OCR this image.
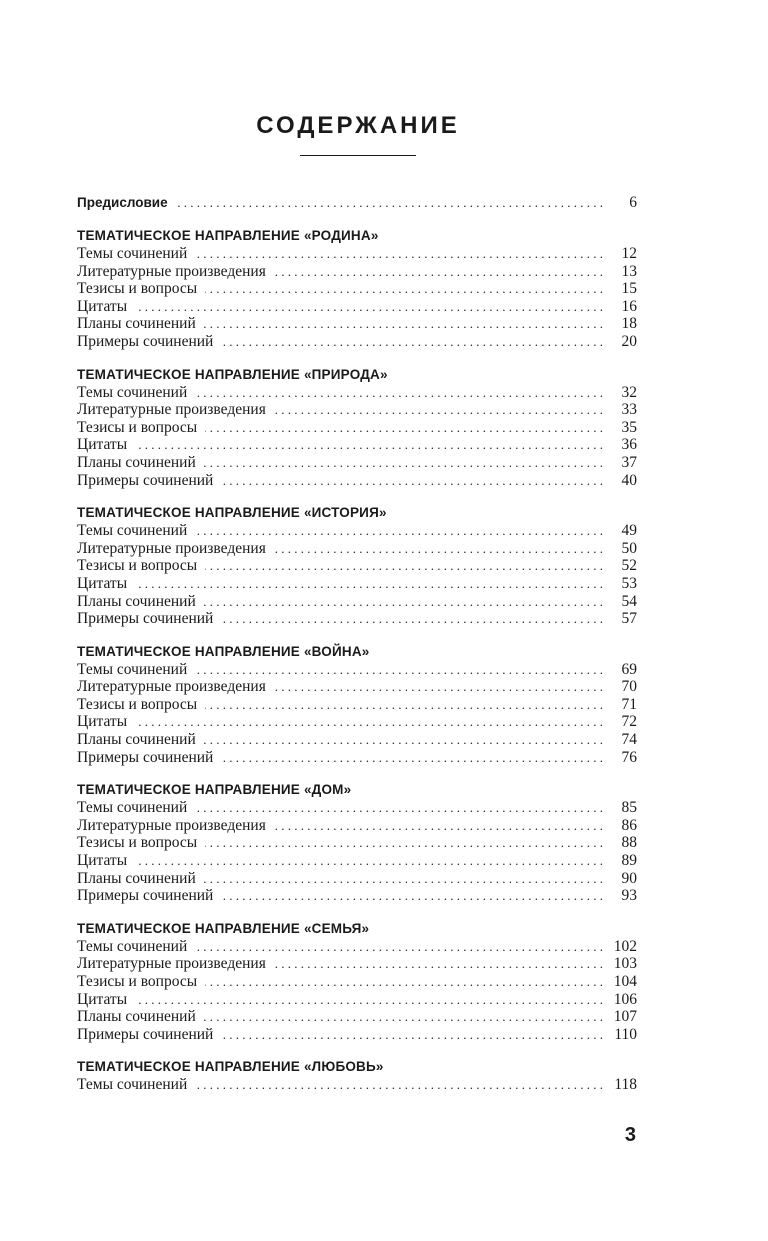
СОДЕРЖАНИЕ
Предисловие . . .	6
ТЕМАТИЧЕСКОЕ НАПРАВЛЕНИЕ «РОДИНА»
Темы сочинений . . .	12
Литературные произведения . . .	13
Тезисы и вопросы . . .	15
Цитаты . . .	16
Планы сочинений . . .	18
Примеры сочинений . . .	20
ТЕМАТИЧЕСКОЕ НАПРАВЛЕНИЕ «ПРИРОДА»
Темы сочинений . . .	32
Литературные произведения . . .	33
Тезисы и вопросы . . .	35
Цитаты . . .	36
Планы сочинений . . .	37
Примеры сочинений . . .	40
ТЕМАТИЧЕСКОЕ НАПРАВЛЕНИЕ «ИСТОРИЯ»
Темы сочинений . . .	49
Литературные произведения . . .	50
Тезисы и вопросы . . .	52
Цитаты . . .	53
Планы сочинений . . .	54
Примеры сочинений . . .	57
ТЕМАТИЧЕСКОЕ НАПРАВЛЕНИЕ «ВОЙНА»
Темы сочинений . . .	69
Литературные произведения . . .	70
Тезисы и вопросы . . .	71
Цитаты . . .	72
Планы сочинений . . .	74
Примеры сочинений . . .	76
ТЕМАТИЧЕСКОЕ НАПРАВЛЕНИЕ «ДОМ»
Темы сочинений . . .	85
Литературные произведения . . .	86
Тезисы и вопросы . . .	88
Цитаты . . .	89
Планы сочинений . . .	90
Примеры сочинений . . .	93
ТЕМАТИЧЕСКОЕ НАПРАВЛЕНИЕ «СЕМЬЯ»
Темы сочинений . . .	102
Литературные произведения . . .	103
Тезисы и вопросы . . .	104
Цитаты . . .	106
Планы сочинений . . .	107
Примеры сочинений . . .	110
ТЕМАТИЧЕСКОЕ НАПРАВЛЕНИЕ «ЛЮБОВЬ»
Темы сочинений . . .	118
3
